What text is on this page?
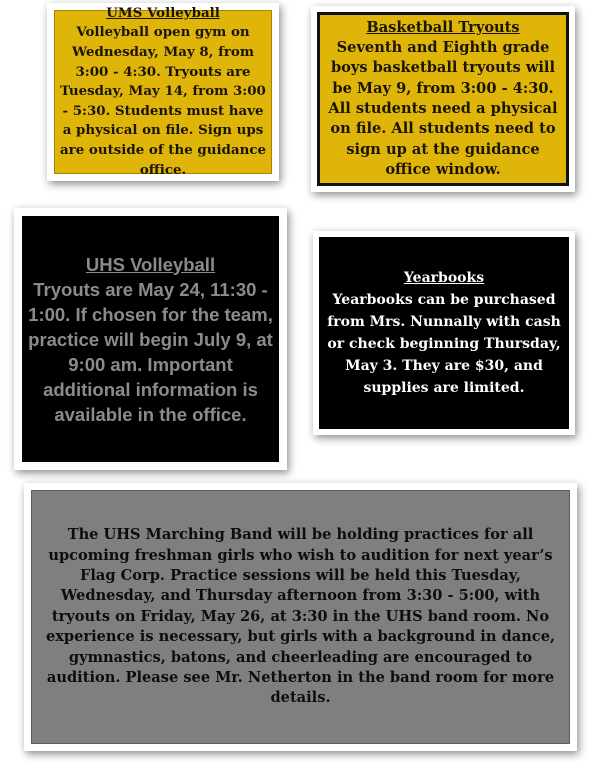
UMS Volleyball
Volleyball open gym on Wednesday, May 8, from 3:00 - 4:30. Tryouts are Tuesday, May 14, from 3:00 - 5:30. Students must have a physical on file. Sign ups are outside of the guidance office.
Basketball Tryouts
Seventh and Eighth grade boys basketball tryouts will be May 9, from 3:00 - 4:30. All students need a physical on file. All students need to sign up at the guidance office window.
UHS Volleyball
Tryouts are May 24, 11:30 - 1:00. If chosen for the team, practice will begin July 9, at 9:00 am. Important additional information is available in the office.
Yearbooks
Yearbooks can be purchased from Mrs. Nunnally with cash or check beginning Thursday, May 3. They are $30, and supplies are limited.
The UHS Marching Band will be holding practices for all upcoming freshman girls who wish to audition for next year’s Flag Corp. Practice sessions will be held this Tuesday, Wednesday, and Thursday afternoon from 3:30 - 5:00, with tryouts on Friday, May 26, at 3:30 in the UHS band room. No experience is necessary, but girls with a background in dance, gymnastics, batons, and cheerleading are encouraged to audition. Please see Mr. Netherton in the band room for more details.
